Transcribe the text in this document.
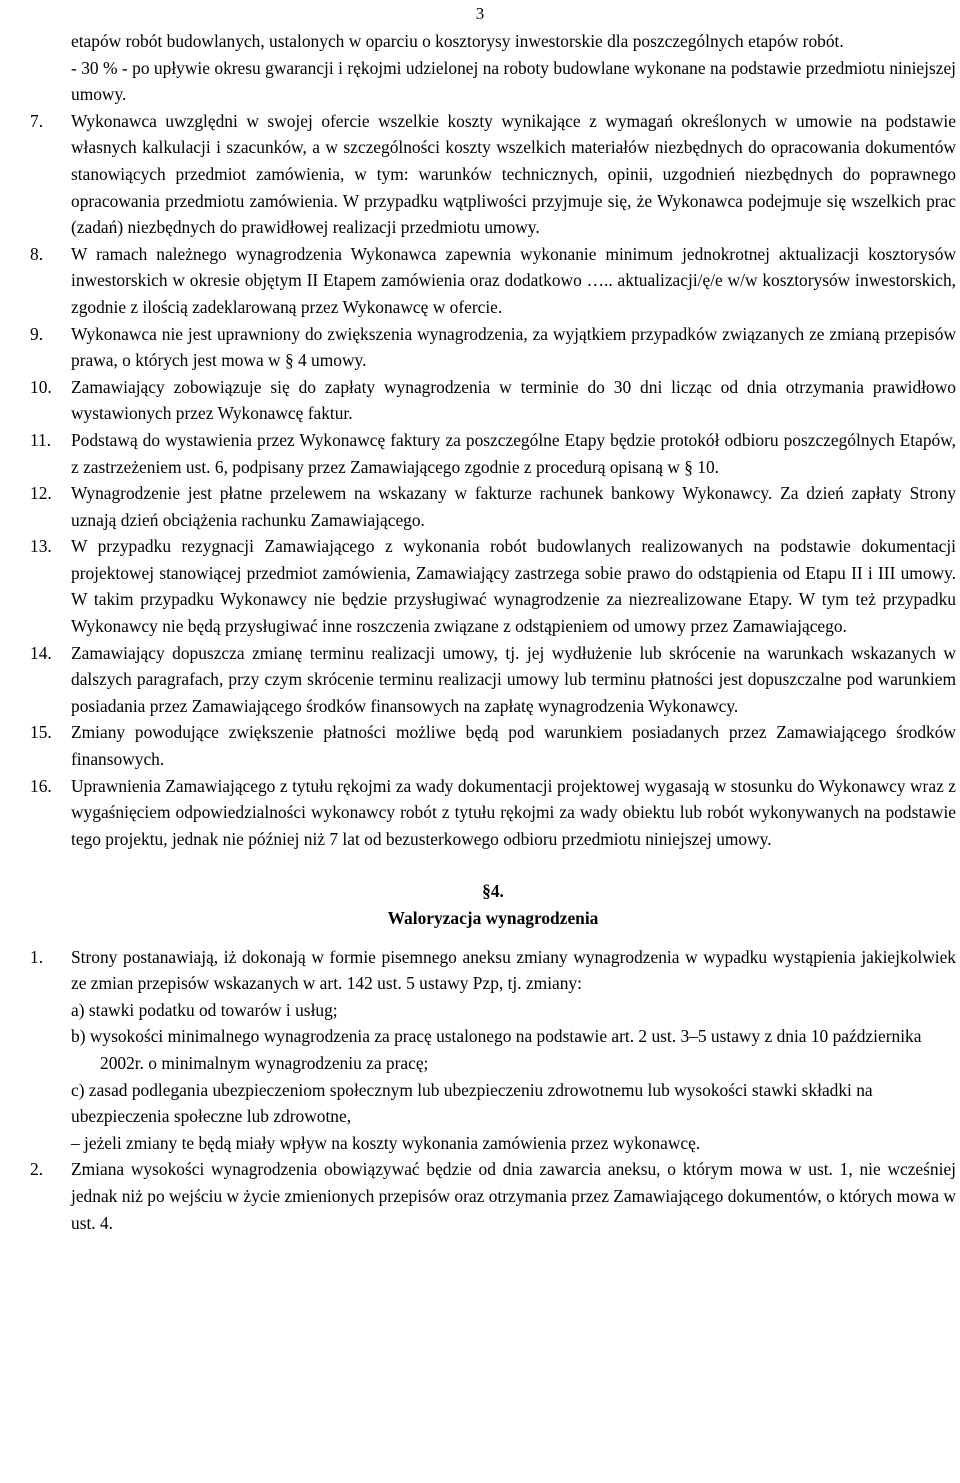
3

etapów robót budowlanych, ustalonych w oparciu o kosztorysy inwestorskie dla poszczególnych etapów robót.

- 30 % - po upływie okresu gwarancji i rękojmi udzielonej na roboty budowlane wykonane na podstawie przedmiotu niniejszej umowy.

7. Wykonawca uwzględni w swojej ofercie wszelkie koszty wynikające z wymagań określonych w umowie na podstawie własnych kalkulacji i szacunków, a w szczególności koszty wszelkich materiałów niezbędnych do opracowania dokumentów stanowiących przedmiot zamówienia, w tym: warunków technicznych, opinii, uzgodnień niezbędnych do poprawnego opracowania przedmiotu zamówienia. W przypadku wątpliwości przyjmuje się, że Wykonawca podejmuje się wszelkich prac (zadań) niezbędnych do prawidłowej realizacji przedmiotu umowy.

8. W ramach należnego wynagrodzenia Wykonawca zapewnia wykonanie minimum jednokrotnej aktualizacji kosztorysów inwestorskich w okresie objętym II Etapem zamówienia oraz dodatkowo ….. aktualizacji/ę/e w/w kosztorysów inwestorskich, zgodnie z ilością zadeklarowaną przez Wykonawcę w ofercie.

9. Wykonawca nie jest uprawniony do zwiększenia wynagrodzenia, za wyjątkiem przypadków związanych ze zmianą przepisów prawa, o których jest mowa w § 4 umowy.

10. Zamawiający zobowiązuje się do zapłaty wynagrodzenia w terminie do 30 dni licząc od dnia otrzymania prawidłowo wystawionych przez Wykonawcę faktur.

11. Podstawą do wystawienia przez Wykonawcę faktury za poszczególne Etapy będzie protokół odbioru poszczególnych Etapów, z zastrzeżeniem ust. 6, podpisany przez Zamawiającego zgodnie z procedurą opisaną w § 10.

12. Wynagrodzenie jest płatne przelewem na wskazany w fakturze rachunek bankowy Wykonawcy. Za dzień zapłaty Strony uznają dzień obciążenia rachunku Zamawiającego.

13. W przypadku rezygnacji Zamawiającego z wykonania robót budowlanych realizowanych na podstawie dokumentacji projektowej stanowiącej przedmiot zamówienia, Zamawiający zastrzega sobie prawo do odstąpienia od Etapu II i III umowy. W takim przypadku Wykonawcy nie będzie przysługiwać wynagrodzenie za niezrealizowane Etapy. W tym też przypadku Wykonawcy nie będą przysługiwać inne roszczenia związane z odstąpieniem od umowy przez Zamawiającego.

14. Zamawiający dopuszcza zmianę terminu realizacji umowy, tj. jej wydłużenie lub skrócenie na warunkach wskazanych w dalszych paragrafach, przy czym skrócenie terminu realizacji umowy lub terminu płatności jest dopuszczalne pod warunkiem posiadania przez Zamawiającego środków finansowych na zapłatę wynagrodzenia Wykonawcy.

15. Zmiany powodujące zwiększenie płatności możliwe będą pod warunkiem posiadanych przez Zamawiającego środków finansowych.

16. Uprawnienia Zamawiającego z tytułu rękojmi za wady dokumentacji projektowej wygasają w stosunku do Wykonawcy wraz z wygaśnięciem odpowiedzialności wykonawcy robót z tytułu rękojmi za wady obiektu lub robót wykonywanych na podstawie tego projektu, jednak nie później niż 7 lat od bezusterkowego odbioru przedmiotu niniejszej umowy.

§4.

Waloryzacja wynagrodzenia

1. Strony postanawiają, iż dokonają w formie pisemnego aneksu zmiany wynagrodzenia w wypadku wystąpienia jakiejkolwiek ze zmian przepisów wskazanych w art. 142 ust. 5 ustawy Pzp, tj. zmiany:

a) stawki podatku od towarów i usług;

b) wysokości minimalnego wynagrodzenia za pracę ustalonego na podstawie art. 2 ust. 3–5 ustawy z dnia 10 października 2002r. o minimalnym wynagrodzeniu za pracę;

c) zasad podlegania ubezpieczeniom społecznym lub ubezpieczeniu zdrowotnemu lub wysokości stawki składki na ubezpieczenia społeczne lub zdrowotne,

– jeżeli zmiany te będą miały wpływ na koszty wykonania zamówienia przez wykonawcę.

2. Zmiana wysokości wynagrodzenia obowiązywać będzie od dnia zawarcia aneksu, o którym mowa w ust. 1, nie wcześniej jednak niż po wejściu w życie zmienionych przepisów oraz otrzymania przez Zamawiającego dokumentów, o których mowa w ust. 4.
